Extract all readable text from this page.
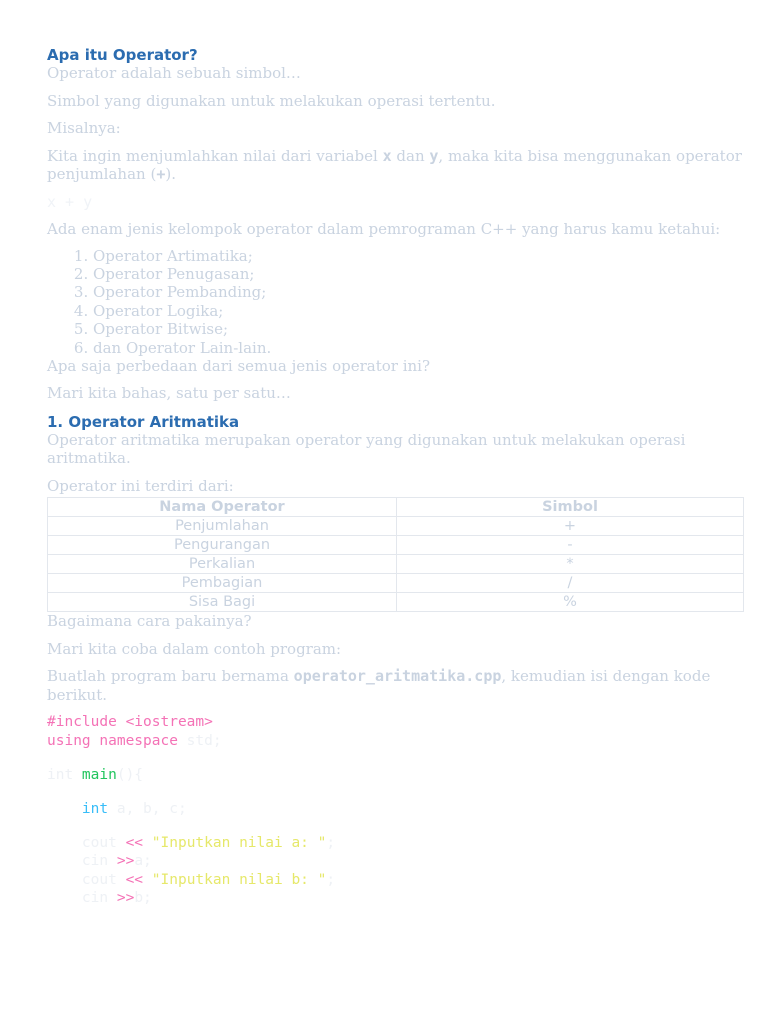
Apa itu Operator?

Operator adalah sebuah simbol…

Simbol yang digunakan untuk melakukan operasi tertentu.

Misalnya:

Kita ingin menjumlahkan nilai dari variabel x dan y, maka kita bisa menggunakan operator penjumlahan (+).

x + y

Ada enam jenis kelompok operator dalam pemrograman C++ yang harus kamu ketahui:

1. Operator Artimatika;
2. Operator Penugasan;
3. Operator Pembanding;
4. Operator Logika;
5. Operator Bitwise;
6. dan Operator Lain-lain.

Apa saja perbedaan dari semua jenis operator ini?

Mari kita bahas, satu per satu…

1. Operator Aritmatika

Operator aritmatika merupakan operator yang digunakan untuk melakukan operasi aritmatika.

Operator ini terdiri dari:

Nama Operator	Simbol
Penjumlahan	+
Pengurangan	-
Perkalian	*
Pembagian	/
Sisa Bagi	%

Bagaimana cara pakainya?

Mari kita coba dalam contoh program:

Buatlah program baru bernama operator_aritmatika.cpp, kemudian isi dengan kode berikut.

#include <iostream>
using namespace std;

int main(){

int a, b, c;

cout << "Inputkan nilai a: ";
cin >>a;
cout << "Inputkan nilai b: ";
cin >>b;
